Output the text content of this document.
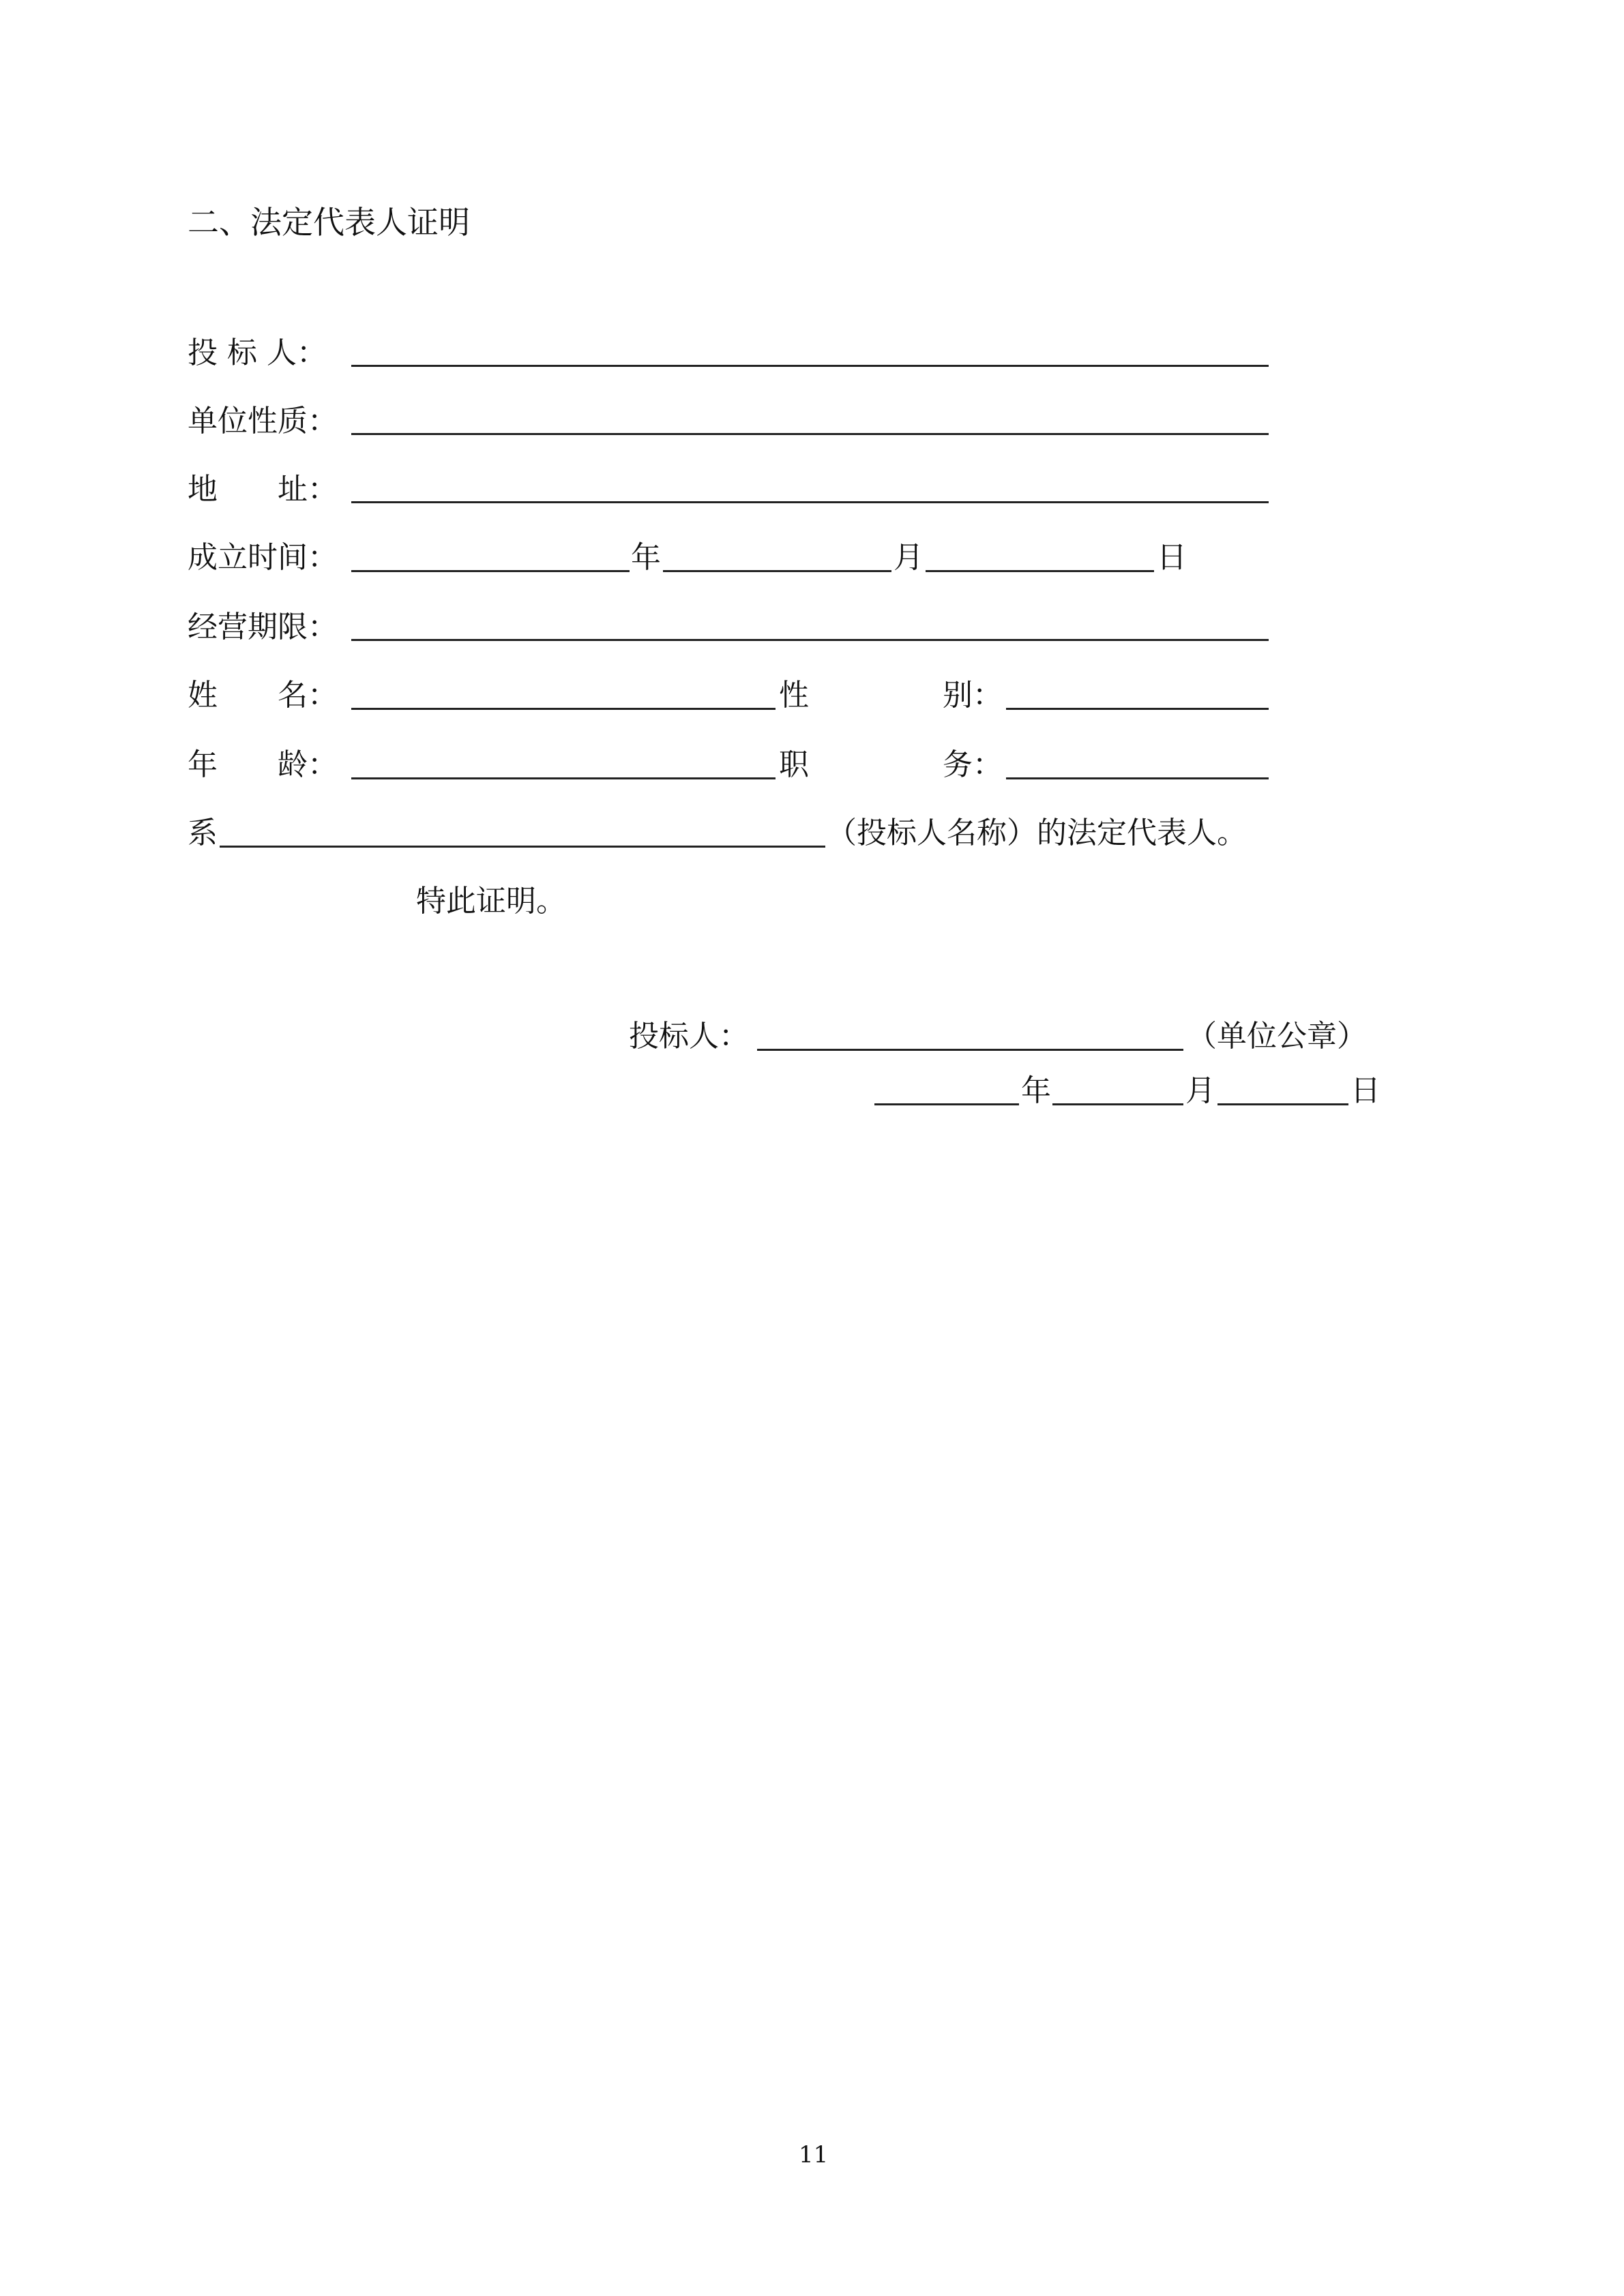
二、法定代表人证明
投 标 人：
单位性质：
地　　址：
成立时间：	年	月	日
经营期限：
姓　　名：	性	别：
年　　龄：	职	务：
系	（投标人名称）的法定代表人。
特此证明。
投标人：	（单位公章）
年	月	日
11
